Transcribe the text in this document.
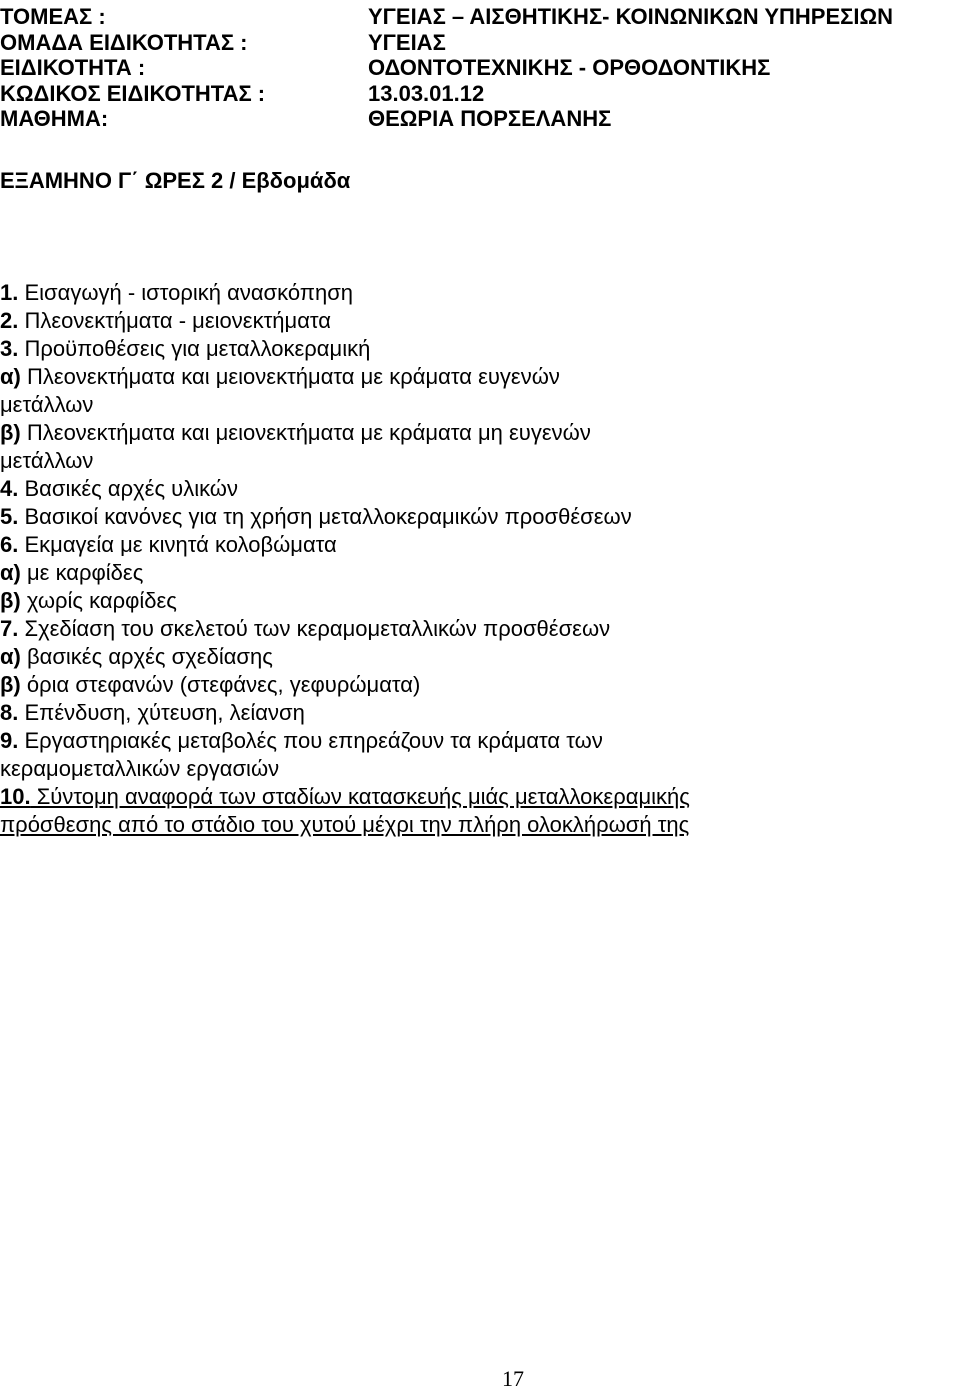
ΤΟΜΕΑΣ :	ΥΓΕΙΑΣ – ΑΙΣΘΗΤΙΚΗΣ- ΚΟΙΝΩΝΙΚΩΝ ΥΠΗΡΕΣΙΩΝ
ΟΜΑΔΑ ΕΙΔΙΚΟΤΗΤΑΣ :	ΥΓΕΙΑΣ
ΕΙΔΙΚΟΤΗΤΑ :	ΟΔΟΝΤΟΤΕΧΝΙΚΗΣ - ΟΡΘΟΔΟΝΤΙΚΗΣ
ΚΩΔΙΚΟΣ ΕΙΔΙΚΟΤΗΤΑΣ :	13.03.01.12
ΜΑΘΗΜΑ:	ΘΕΩΡΙΑ ΠΟΡΣΕΛΑΝΗΣ
ΕΞΑΜΗΝΟ Γ΄ ΩΡΕΣ 2 / Εβδομάδα
1. Εισαγωγή - ιστορική ανασκόπηση
2. Πλεονεκτήματα - μειονεκτήματα
3. Προϋποθέσεις για μεταλλοκεραμική
α) Πλεονεκτήματα και μειονεκτήματα με κράματα ευγενών
μετάλλων
β) Πλεονεκτήματα και μειονεκτήματα με κράματα μη ευγενών
μετάλλων
4. Βασικές αρχές υλικών
5. Βασικοί κανόνες για τη χρήση μεταλλοκεραμικών προσθέσεων
6. Εκμαγεία με κινητά κολοβώματα
α) με καρφίδες
β) χωρίς καρφίδες
7. Σχεδίαση του σκελετού των κεραμομεταλλικών προσθέσεων
α) βασικές αρχές σχεδίασης
β) όρια στεφανών (στεφάνες, γεφυρώματα)
8. Επένδυση, χύτευση, λείανση
9. Εργαστηριακές μεταβολές που επηρεάζουν τα κράματα των
κεραμομεταλλικών εργασιών
10. Σύντομη αναφορά των σταδίων κατασκευής μιάς μεταλλοκεραμικής
πρόσθεσης από το στάδιο του χυτού μέχρι την πλήρη ολοκλήρωσή της
17
